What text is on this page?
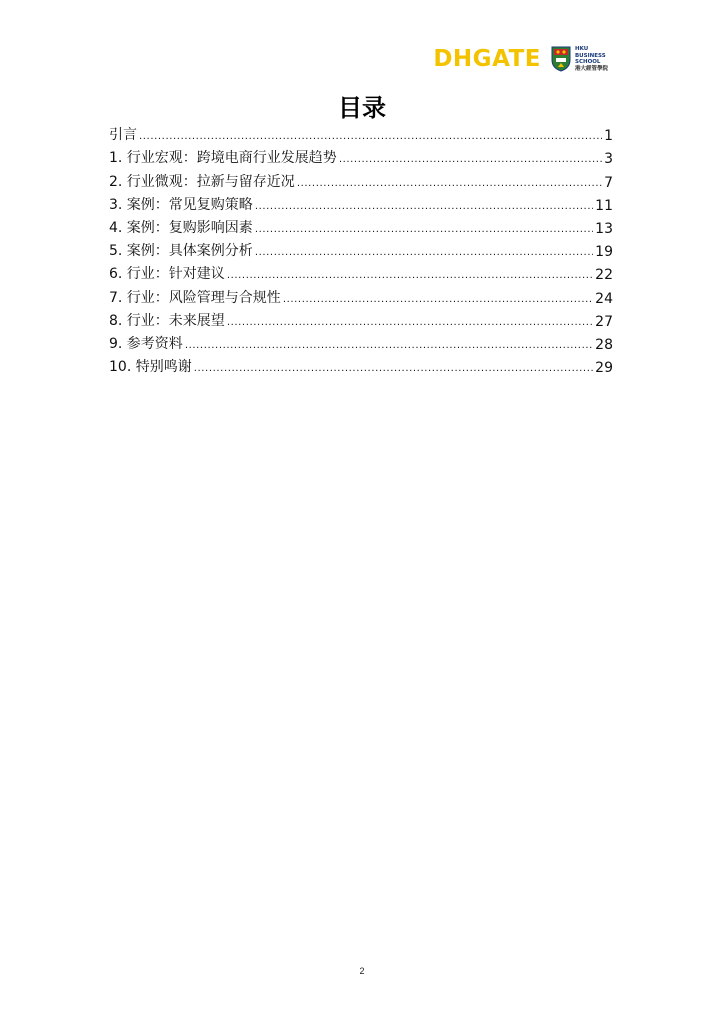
DHGATE	HKU
BUSINESS
SCHOOL
港大經管學院
目录
引言 .....	1
1. 行业宏观：跨境电商行业发展趋势 .....	3
2. 行业微观：拉新与留存近况 .....	7
3. 案例：常见复购策略 .....	11
4. 案例：复购影响因素 .....	13
5. 案例：具体案例分析 .....	19
6. 行业：针对建议 .....	22
7. 行业：风险管理与合规性 .....	24
8. 行业：未来展望 .....	27
9. 参考资料 .....	28
10. 特别鸣谢 .....	29
2
